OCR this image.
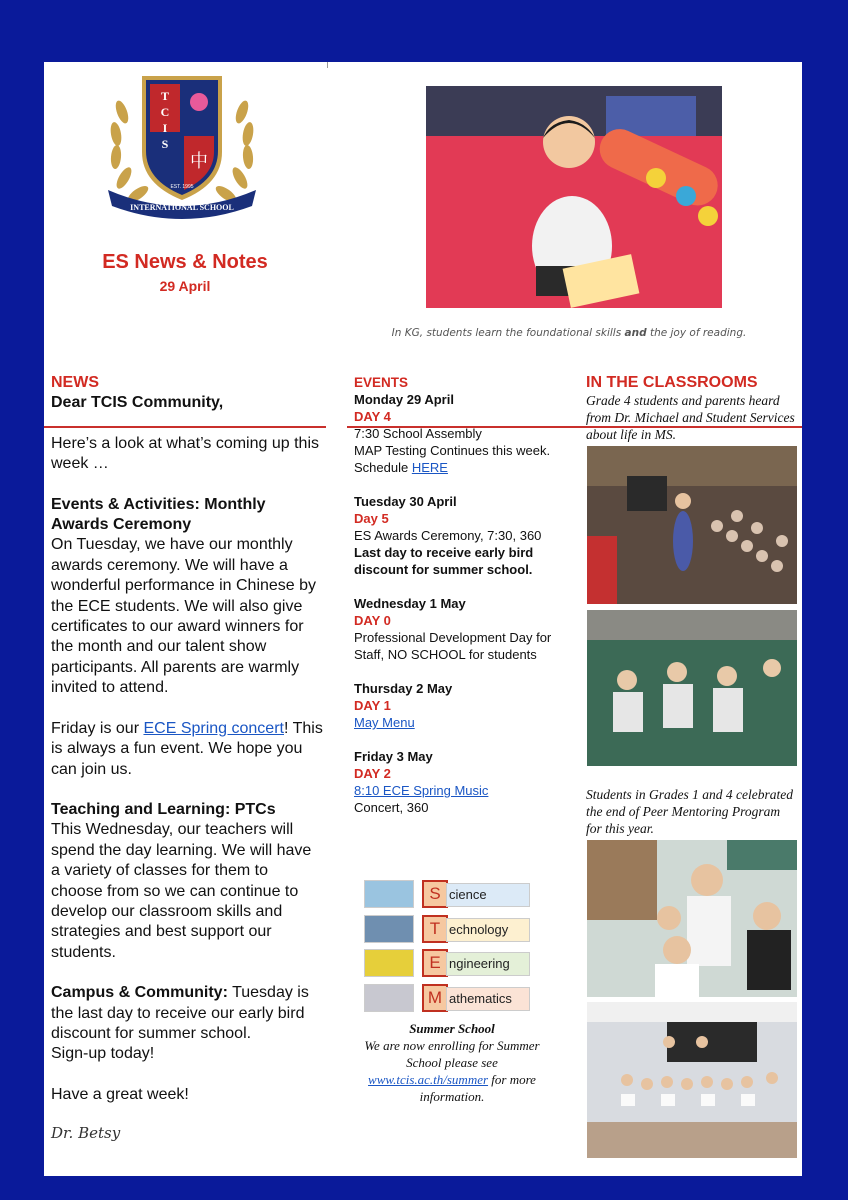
T
C
I
S
中
INTERNATIONAL SCHOOL
EST. 1995
ES News & Notes
29 April
In KG, students learn the foundational skills and the joy of reading.
NEWS

Dear TCIS Community,

Here’s a look at what’s coming up this week …

Events & Activities: Monthly Awards Ceremony

On Tuesday, we have our monthly awards ceremony. We will have a wonderful performance in Chinese by the ECE students. We will also give certificates to our award winners for the month and our talent show participants. All parents are warmly invited to attend.

Friday is our ECE Spring concert! This is always a fun event. We hope you can join us.

Teaching and Learning: PTCs

This Wednesday, our teachers will spend the day learning. We will have a variety of classes for them to choose from so we can continue to develop our classroom skills and strategies and best support our students.

Campus & Community: Tuesday is the last day to receive our early bird discount for summer school.

Sign-up today!

Have a great week!
Dr. Betsy
EVENTS
Monday 29 April
DAY 4
7:30 School Assembly
MAP Testing Continues this week. Schedule HERE
Tuesday 30 April
Day 5
ES Awards Ceremony, 7:30, 360
Last day to receive early bird discount for summer school.
Wednesday 1 May
DAY 0
Professional Development Day for Staff, NO SCHOOL for students
Thursday 2 May
DAY 1
May Menu
Friday 3 May
DAY 2
8:10 ECE Spring Music
Concert, 360
S cience
T echnology
E ngineering
M athematics
Summer School
We are now enrolling for Summer School please see
www.tcis.ac.th/summer for more information.
IN THE CLASSROOMS
Grade 4 students and parents heard from Dr. Michael and Student Services about life in MS.
Students in Grades 1 and 4 celebrated the end of Peer Mentoring Program for this year.
